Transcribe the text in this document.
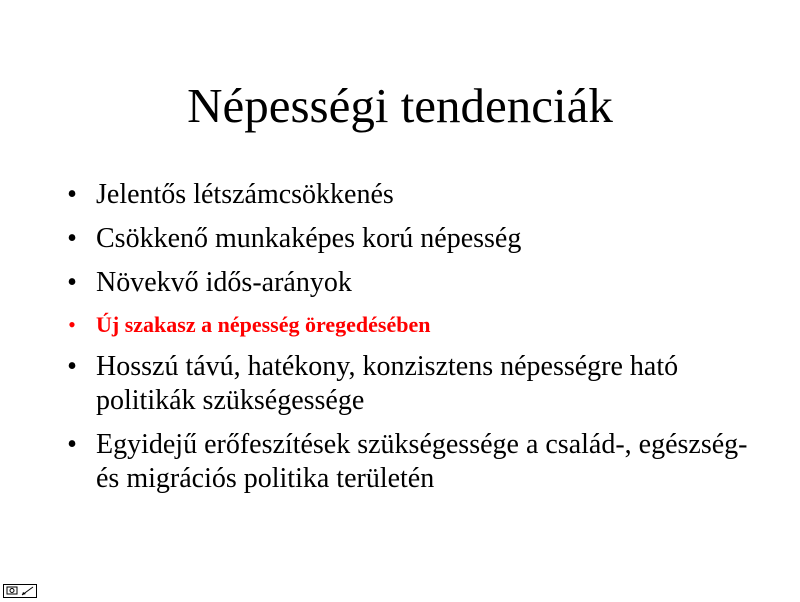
Népességi tendenciák
• Jelentős létszámcsökkenés
• Csökkenő munkaképes korú népesség
• Növekvő idős-arányok
• Új szakasz a népesség öregedésében
• Hosszú távú, hatékony, konzisztens népességre ható politikák szükségessége
• Egyidejű erőfeszítések szükségessége a család-, egészség- és migrációs politika területén
